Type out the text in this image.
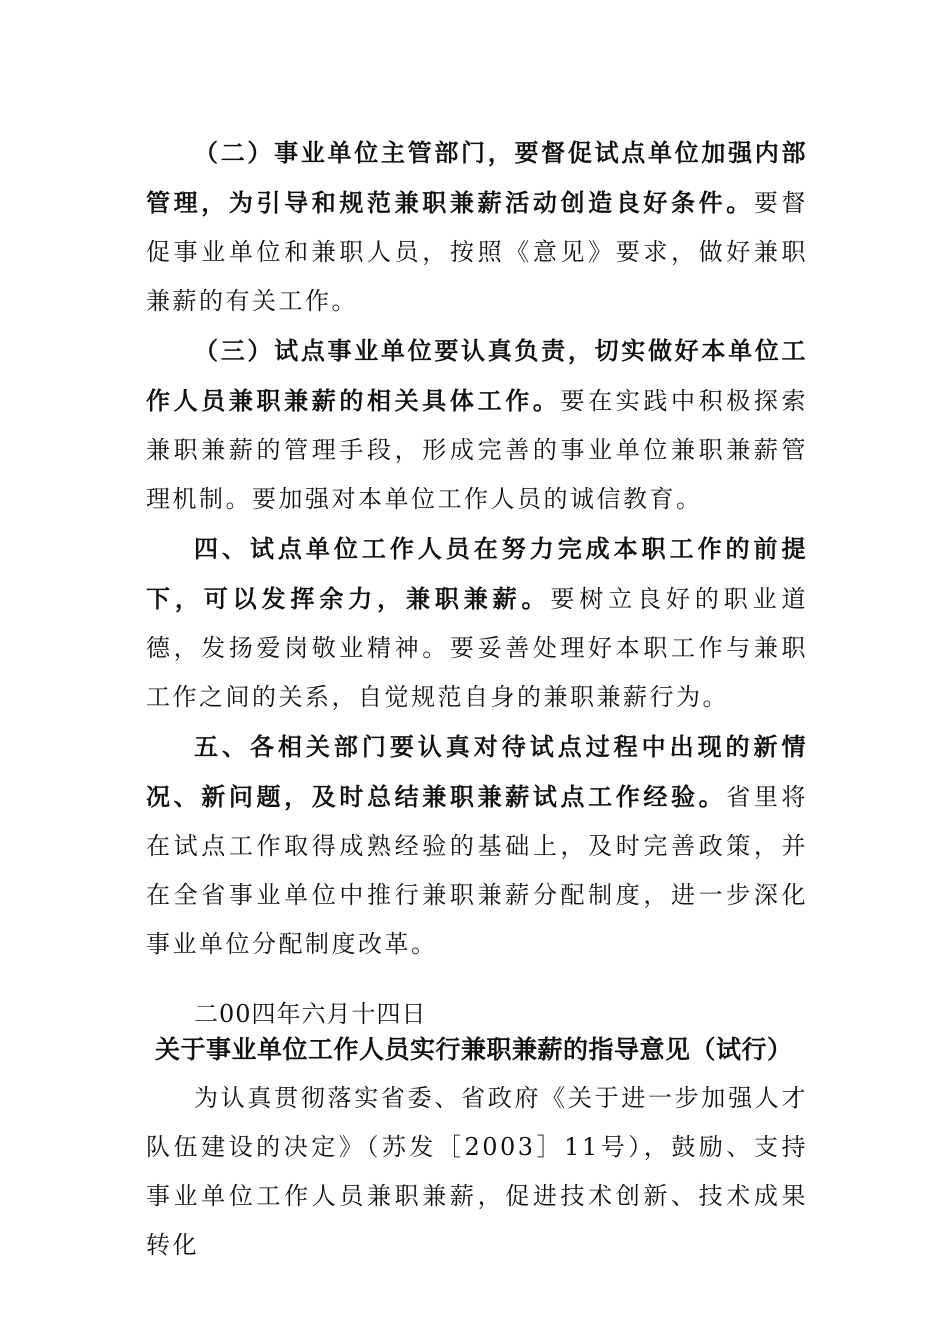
（二）事业单位主管部门，要督促试点单位加强内部管理，为引导和规范兼职兼薪活动创造良好条件。要督促事业单位和兼职人员，按照《意见》要求，做好兼职兼薪的有关工作。

（三）试点事业单位要认真负责，切实做好本单位工作人员兼职兼薪的相关具体工作。要在实践中积极探索兼职兼薪的管理手段，形成完善的事业单位兼职兼薪管理机制。要加强对本单位工作人员的诚信教育。

四、试点单位工作人员在努力完成本职工作的前提下，可以发挥余力，兼职兼薪。要树立良好的职业道德，发扬爱岗敬业精神。要妥善处理好本职工作与兼职工作之间的关系，自觉规范自身的兼职兼薪行为。

五、各相关部门要认真对待试点过程中出现的新情况、新问题，及时总结兼职兼薪试点工作经验。省里将在试点工作取得成熟经验的基础上，及时完善政策，并在全省事业单位中推行兼职兼薪分配制度，进一步深化事业单位分配制度改革。

二00四年六月十四日

关于事业单位工作人员实行兼职兼薪的指导意见（试行）

为认真贯彻落实省委、省政府《关于进一步加强人才队伍建设的决定》（苏发［2003］11号），鼓励、支持事业单位工作人员兼职兼薪，促进技术创新、技术成果转化
